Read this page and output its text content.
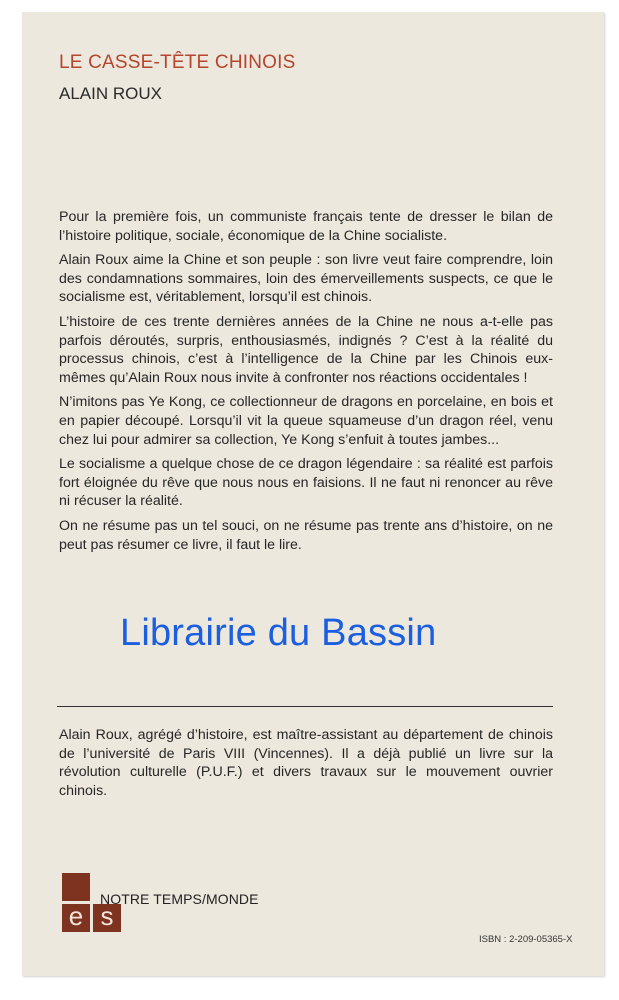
LE CASSE-TÊTE CHINOIS
ALAIN ROUX

Pour la première fois, un communiste français tente de dresser le bilan de l’histoire politique, sociale, économique de la Chine socialiste.

Alain Roux aime la Chine et son peuple : son livre veut faire comprendre, loin des condamnations sommaires, loin des émerveillements suspects, ce que le socialisme est, véritablement, lorsqu’il est chinois.

L’histoire de ces trente dernières années de la Chine ne nous a-t-elle pas parfois déroutés, surpris, enthousiasmés, indignés ? C’est à la réalité du processus chinois, c’est à l’intelligence de la Chine par les Chinois eux-mêmes qu’Alain Roux nous invite à confronter nos réactions occidentales !

N’imitons pas Ye Kong, ce collectionneur de dragons en porcelaine, en bois et en papier découpé. Lorsqu’il vit la queue squameuse d’un dragon réel, venu chez lui pour admirer sa collection, Ye Kong s’enfuit à toutes jambes...

Le socialisme a quelque chose de ce dragon légendaire : sa réalité est parfois fort éloignée du rêve que nous nous en faisions. Il ne faut ni renoncer au rêve ni récuser la réalité.

On ne résume pas un tel souci, on ne résume pas trente ans d’histoire, on ne peut pas résumer ce livre, il faut le lire.

Librairie du Bassin

Alain Roux, agrégé d’histoire, est maître-assistant au département de chinois de l’université de Paris VIII (Vincennes). Il a déjà publié un livre sur la révolution culturelle (P.U.F.) et divers travaux sur le mouvement ouvrier chinois.

e s
NOTRE TEMPS/MONDE
ISBN : 2-209-05365-X
